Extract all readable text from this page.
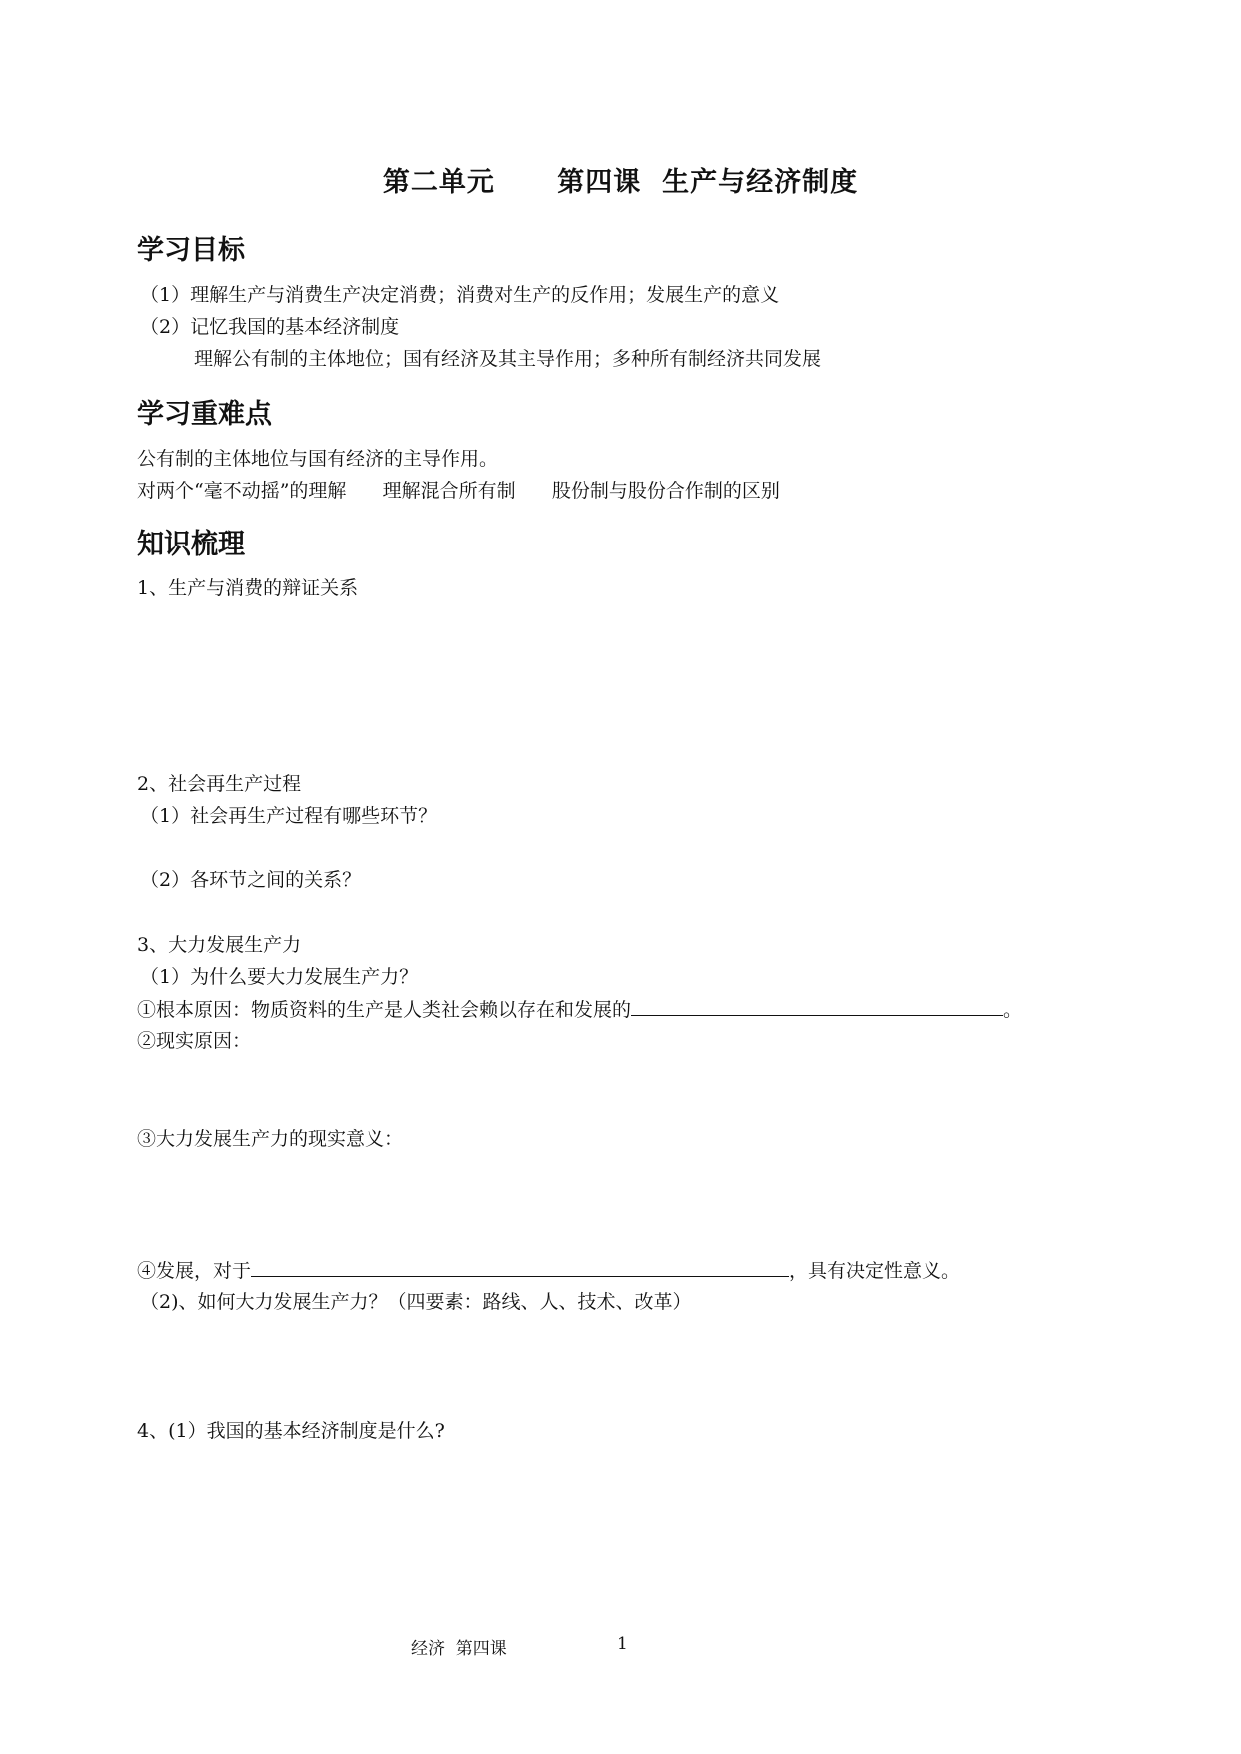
第二单元      第四课  生产与经济制度
学习目标
（1）理解生产与消费生产决定消费；消费对生产的反作用；发展生产的意义
（2）记忆我国的基本经济制度
理解公有制的主体地位；国有经济及其主导作用；多种所有制经济共同发展
学习重难点
公有制的主体地位与国有经济的主导作用。
对两个“毫不动摇”的理解      理解混合所有制      股份制与股份合作制的区别
知识梳理
1、生产与消费的辩证关系
2、社会再生产过程
（1）社会再生产过程有哪些环节？
（2）各环节之间的关系？
3、大力发展生产力
（1）为什么要大力发展生产力？
①根本原因：物质资料的生产是人类社会赖以存在和发展的	。
②现实原因：
③大力发展生产力的现实意义：
④发展，对于	，具有决定性意义。
（2)、如何大力发展生产力？（四要素：路线、人、技术、改革）
4、(1）我国的基本经济制度是什么?
经济  第四课	1
